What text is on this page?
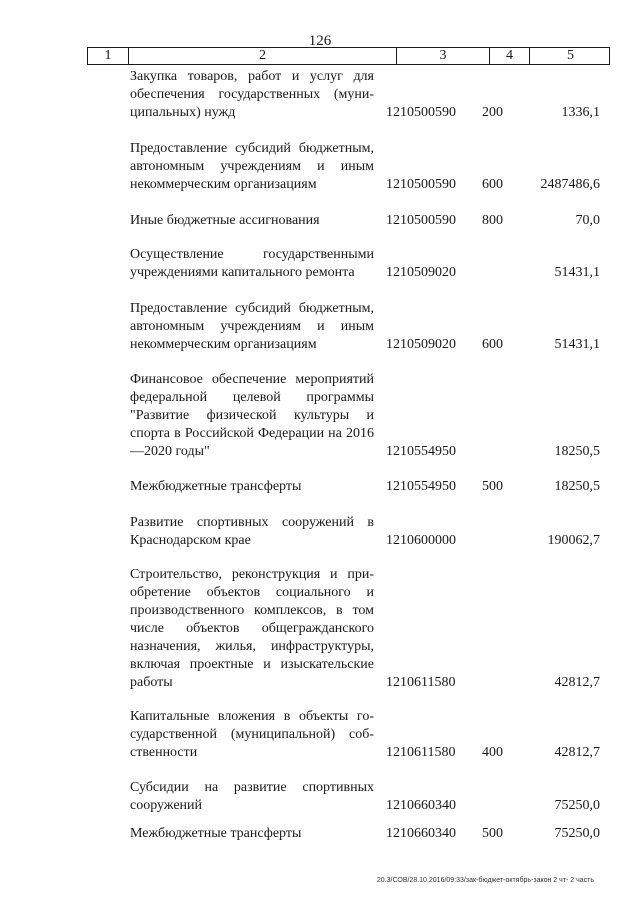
126
1	2	3	4	5
Закупка товаров, работ и услуг для обеспечения государственных (муниципальных) нужд	1210500590 200	1336,1
Предоставление субсидий бюджетным, автономным учреждениям и иным некоммерческим организациям	1210500590 600	2487486,6
Иные бюджетные ассигнования	1210500590 800	70,0
Осуществление государственными учреждениями капитального ремонта	1210509020	51431,1
Предоставление субсидий бюджетным, автономным учреждениям и иным некоммерческим организациям	1210509020 600	51431,1
Финансовое обеспечение мероприятий федеральной целевой программы "Развитие физической культуры и спорта в Российской Федерации на 2016—2020 годы"	1210554950	18250,5
Межбюджетные трансферты	1210554950 500	18250,5
Развитие спортивных сооружений в Краснодарском крае	1210600000	190062,7
Строительство, реконструкция и приобретение объектов социального и производственного комплексов, в том числе объектов общегражданского назначения, жилья, инфраструктуры, включая проектные и изыскательские работы	1210611580	42812,7
Капитальные вложения в объекты государственной (муниципальной) собственности	1210611580 400	42812,7
Субсидии на развитие спортивных сооружений	1210660340	75250,0
Межбюджетные трансферты	1210660340 500	75250,0
20.3/СОВ/28.10.2016/09:33/зак-бюджет-октябрь-закон 2 чт- 2 часть
